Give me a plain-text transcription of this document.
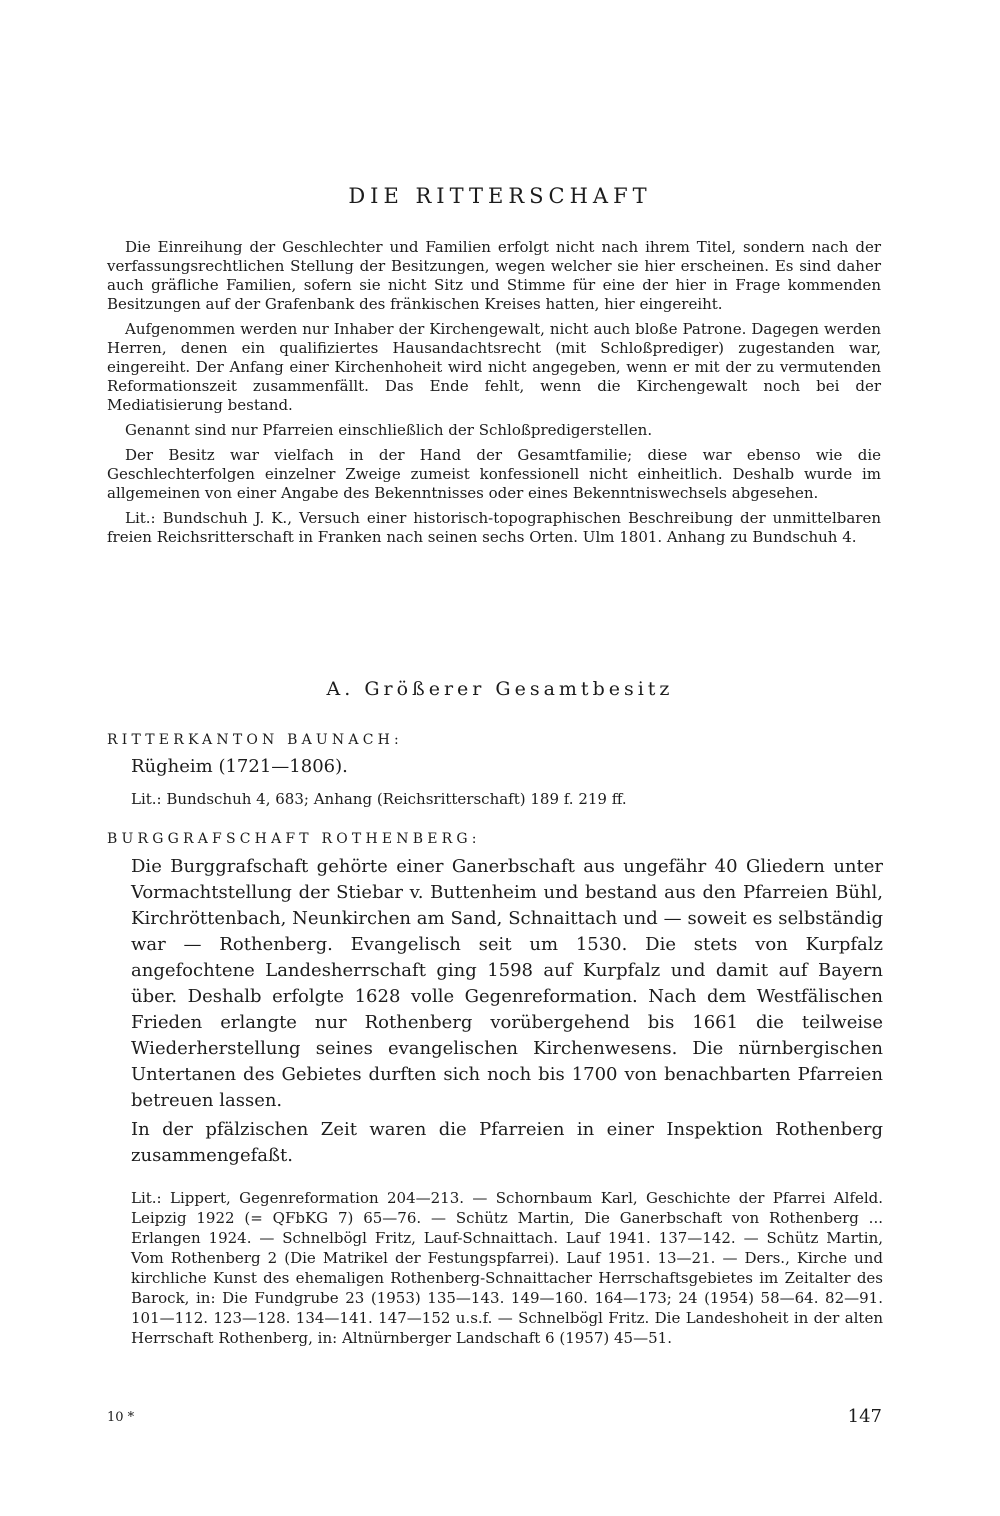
DIE RITTERSCHAFT

Die Einreihung der Geschlechter und Familien erfolgt nicht nach ihrem Titel, sondern nach der verfassungsrechtlichen Stellung der Besitzungen, wegen welcher sie hier erscheinen. Es sind daher auch gräfliche Familien, sofern sie nicht Sitz und Stimme für eine der hier in Frage kommenden Besitzungen auf der Grafenbank des fränkischen Kreises hatten, hier eingereiht.

Aufgenommen werden nur Inhaber der Kirchengewalt, nicht auch bloße Patrone. Dagegen werden Herren, denen ein qualifiziertes Hausandachtsrecht (mit Schloßprediger) zugestanden war, eingereiht. Der Anfang einer Kirchenhoheit wird nicht angegeben, wenn er mit der zu vermutenden Reformationszeit zusammenfällt. Das Ende fehlt, wenn die Kirchengewalt noch bei der Mediatisierung bestand.

Genannt sind nur Pfarreien einschließlich der Schloßpredigerstellen.

Der Besitz war vielfach in der Hand der Gesamtfamilie; diese war ebenso wie die Geschlechterfolgen einzelner Zweige zumeist konfessionell nicht einheitlich. Deshalb wurde im allgemeinen von einer Angabe des Bekenntnisses oder eines Bekenntniswechsels abgesehen.

Lit.: Bundschuh J. K., Versuch einer historisch-topographischen Beschreibung der unmittelbaren freien Reichsritterschaft in Franken nach seinen sechs Orten. Ulm 1801. Anhang zu Bundschuh 4.

A. Größerer Gesamtbesitz
RITTERKANTON BAUNACH:

Rügheim (1721—1806).

Lit.: Bundschuh 4, 683; Anhang (Reichsritterschaft) 189 f. 219 ff.

BURGGRAFSCHAFT ROTHENBERG:

Die Burggrafschaft gehörte einer Ganerbschaft aus ungefähr 40 Gliedern unter Vormachtstellung der Stiebar v. Buttenheim und bestand aus den Pfarreien Bühl, Kirchröttenbach, Neunkirchen am Sand, Schnaittach und — soweit es selbständig war — Rothenberg. Evangelisch seit um 1530. Die stets von Kurpfalz angefochtene Landesherrschaft ging 1598 auf Kurpfalz und damit auf Bayern über. Deshalb erfolgte 1628 volle Gegenreformation. Nach dem Westfälischen Frieden erlangte nur Rothenberg vorübergehend bis 1661 die teilweise Wiederherstellung seines evangelischen Kirchenwesens. Die nürnbergischen Untertanen des Gebietes durften sich noch bis 1700 von benachbarten Pfarreien betreuen lassen.

In der pfälzischen Zeit waren die Pfarreien in einer Inspektion Rothenberg zusammengefaßt.

Lit.: Lippert, Gegenreformation 204—213. — Schornbaum Karl, Geschichte der Pfarrei Alfeld. Leipzig 1922 (= QFbKG 7) 65—76. — Schütz Martin, Die Ganerbschaft von Rothenberg ... Erlangen 1924. — Schnelbögl Fritz, Lauf-Schnaittach. Lauf 1941. 137—142. — Schütz Martin, Vom Rothenberg 2 (Die Matrikel der Festungspfarrei). Lauf 1951. 13—21. — Ders., Kirche und kirchliche Kunst des ehemaligen Rothenberg-Schnaittacher Herrschaftsgebietes im Zeitalter des Barock, in: Die Fundgrube 23 (1953) 135—143. 149—160. 164—173; 24 (1954) 58—64. 82—91. 101—112. 123—128. 134—141. 147—152 u.s.f. — Schnelbögl Fritz. Die Landeshoheit in der alten Herrschaft Rothenberg, in: Altnürnberger Landschaft 6 (1957) 45—51.

10 *	147
